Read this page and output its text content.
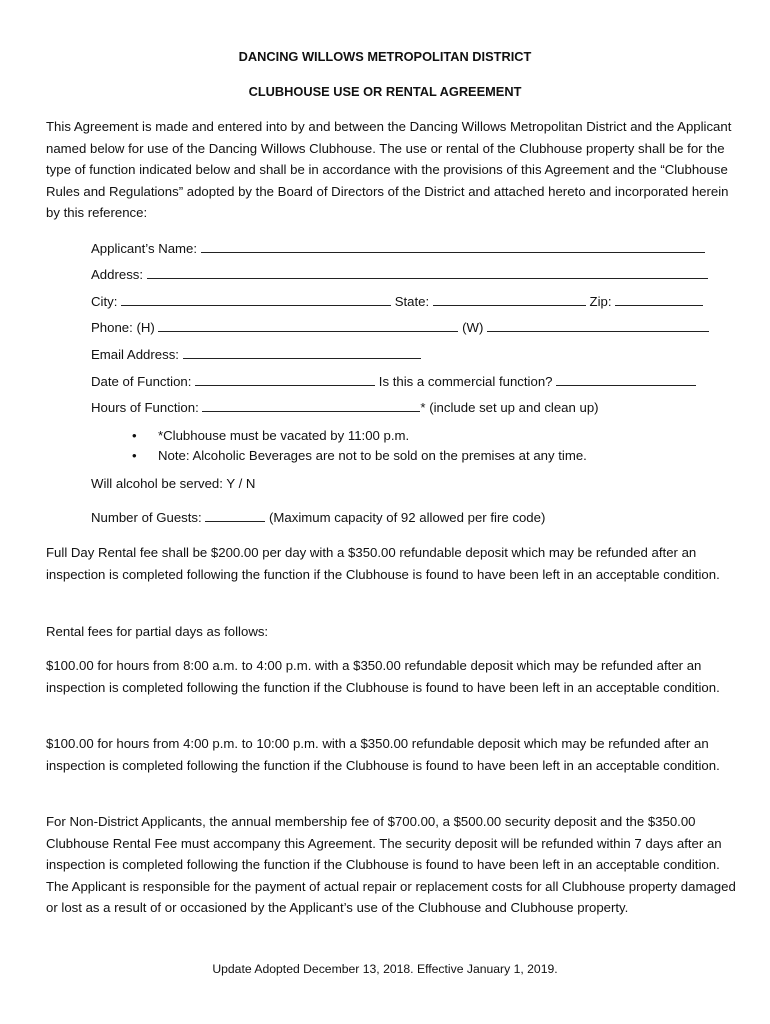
DANCING WILLOWS METROPOLITAN DISTRICT
CLUBHOUSE USE OR RENTAL AGREEMENT

This Agreement is made and entered into by and between the Dancing Willows Metropolitan District and the Applicant named below for use of the Dancing Willows Clubhouse. The use or rental of the Clubhouse property shall be for the type of function indicated below and shall be in accordance with the provisions of this Agreement and the “Clubhouse Rules and Regulations” adopted by the Board of Directors of the District and attached hereto and incorporated herein by this reference:

Applicant’s Name:
Address:
City:	State:	Zip:
Phone: (H)	(W)
Email Address:
Date of Function:	Is this a commercial function?
Hours of Function:	* (include set up and clean up)
• *Clubhouse must be vacated by 11:00 p.m.
• Note: Alcoholic Beverages are not to be sold on the premises at any time.
Will alcohol be served: Y / N
Number of Guests:	(Maximum capacity of 92 allowed per fire code)

Full Day Rental fee shall be $200.00 per day with a $350.00 refundable deposit which may be refunded after an inspection is completed following the function if the Clubhouse is found to have been left in an acceptable condition.

Rental fees for partial days as follows:

$100.00 for hours from 8:00 a.m. to 4:00 p.m. with a $350.00 refundable deposit which may be refunded after an inspection is completed following the function if the Clubhouse is found to have been left in an acceptable condition.

$100.00 for hours from 4:00 p.m. to 10:00 p.m. with a $350.00 refundable deposit which may be refunded after an inspection is completed following the function if the Clubhouse is found to have been left in an acceptable condition.

For Non-District Applicants, the annual membership fee of $700.00, a $500.00 security deposit and the $350.00 Clubhouse Rental Fee must accompany this Agreement. The security deposit will be refunded within 7 days after an inspection is completed following the function if the Clubhouse is found to have been left in an acceptable condition. The Applicant is responsible for the payment of actual repair or replacement costs for all Clubhouse property damaged or lost as a result of or occasioned by the Applicant’s use of the Clubhouse and Clubhouse property.

Update Adopted December 13, 2018. Effective January 1, 2019.
